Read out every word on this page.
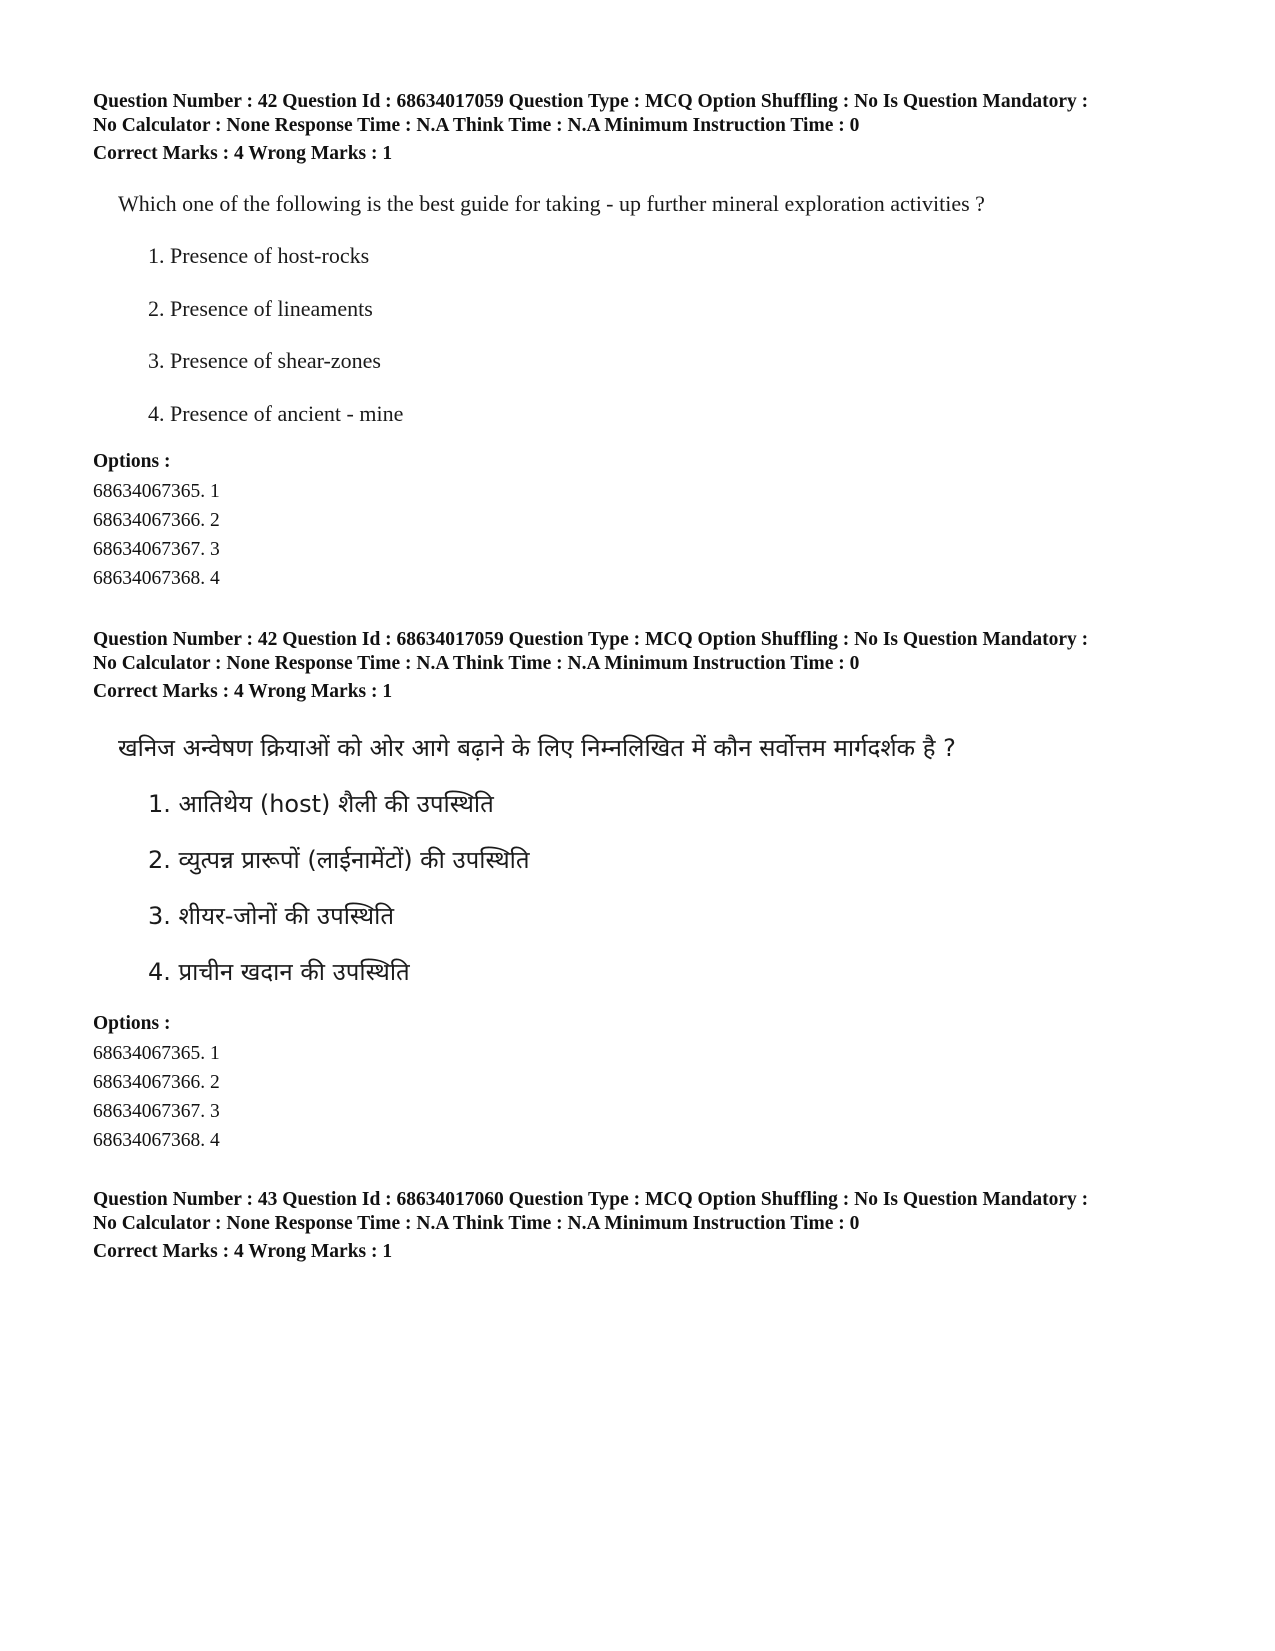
Question Number : 42 Question Id : 68634017059 Question Type : MCQ Option Shuffling : No Is Question Mandatory :
No Calculator : None Response Time : N.A Think Time : N.A Minimum Instruction Time : 0
Correct Marks : 4 Wrong Marks : 1
Which one of the following is the best guide for taking - up further mineral exploration activities ?
1. Presence of host-rocks
2. Presence of lineaments
3. Presence of shear-zones
4. Presence of ancient - mine
Options :
68634067365. 1
68634067366. 2
68634067367. 3
68634067368. 4
Question Number : 42 Question Id : 68634017059 Question Type : MCQ Option Shuffling : No Is Question Mandatory :
No Calculator : None Response Time : N.A Think Time : N.A Minimum Instruction Time : 0
Correct Marks : 4 Wrong Marks : 1
खनिज अन्वेषण क्रियाओं को ओर आगे बढ़ाने के लिए निम्नलिखित में कौन सर्वोत्तम मार्गदर्शक है ?
1. आतिथेय (host) शैली की उपस्थिति
2. व्युत्पन्न प्रारूपों (लाईनामेंटों) की उपस्थिति
3. शीयर-जोनों की उपस्थिति
4. प्राचीन खदान की उपस्थिति
Options :
68634067365. 1
68634067366. 2
68634067367. 3
68634067368. 4
Question Number : 43 Question Id : 68634017060 Question Type : MCQ Option Shuffling : No Is Question Mandatory :
No Calculator : None Response Time : N.A Think Time : N.A Minimum Instruction Time : 0
Correct Marks : 4 Wrong Marks : 1
